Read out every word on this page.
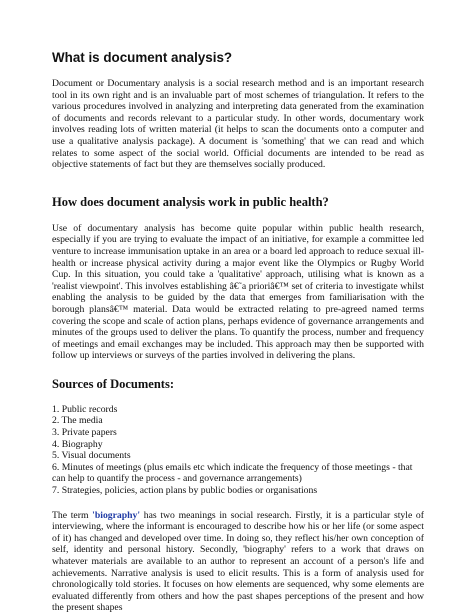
What is document analysis?

Document or Documentary analysis is a social research method and is an important research tool in its own right and is an invaluable part of most schemes of triangulation. It refers to the various procedures involved in analyzing and interpreting data generated from the examination of documents and records relevant to a particular study. In other words, documentary work involves reading lots of written material (it helps to scan the documents onto a computer and use a qualitative analysis package). A document is 'something' that we can read and which relates to some aspect of the social world. Official documents are intended to be read as objective statements of fact but they are themselves socially produced.

How does document analysis work in public health?

Use of documentary analysis has become quite popular within public health research, especially if you are trying to evaluate the impact of an initiative, for example a committee led venture to increase immunisation uptake in an area or a board led approach to reduce sexual ill-health or increase physical activity during a major event like the Olympics or Rugby World Cup. In this situation, you could take a 'qualitative' approach, utilising what is known as a 'realist viewpoint'. This involves establishing â€˜a prioriâ€™ set of criteria to investigate whilst enabling the analysis to be guided by the data that emerges from familiarisation with the borough plansâ€™ material. Data would be extracted relating to pre-agreed named terms covering the scope and scale of action plans, perhaps evidence of governance arrangements and minutes of the groups used to deliver the plans. To quantify the process, number and frequency of meetings and email exchanges may be included. This approach may then be supported with follow up interviews or surveys of the parties involved in delivering the plans.

Sources of Documents:
1. Public records
2. The media
3. Private papers
4. Biography
5. Visual documents
6. Minutes of meetings (plus emails etc which indicate the frequency of those meetings - that can help to quantify the process - and governance arrangements)
7. Strategies, policies, action plans by public bodies or organisations

The term 'biography' has two meanings in social research. Firstly, it is a particular style of interviewing, where the informant is encouraged to describe how his or her life (or some aspect of it) has changed and developed over time. In doing so, they reflect his/her own conception of self, identity and personal history. Secondly, 'biography' refers to a work that draws on whatever materials are available to an author to represent an account of a person's life and achievements. Narrative analysis is used to elicit results. This is a form of analysis used for chronologically told stories. It focuses on how elements are sequenced, why some elements are evaluated differently from others and how the past shapes perceptions of the present and how the present shapes
